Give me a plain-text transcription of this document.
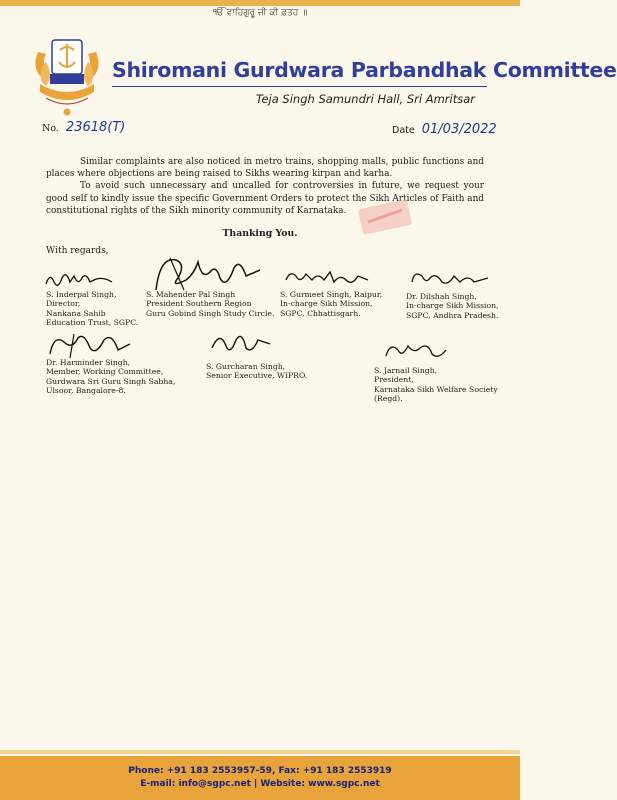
ੴ ਵਾਹਿਗੁਰੂ ਜੀ ਕੀ ਫ਼ਤਹ ॥
Shiromani Gurdwara Parbandhak Committee
Teja Singh Samundri Hall, Sri Amritsar
No. 23618(T)	Date 01/03/2022

Similar complaints are also noticed in metro trains, shopping malls, public functions and places where objections are being raised to Sikhs wearing kirpan and karha.

To avoid such unnecessary and uncalled for controversies in future, we request your good self to kindly issue the specific Government Orders to protect the Sikh Articles of Faith and constitutional rights of the Sikh minority community of Karnataka.

Thanking You.
With regards,
S. Inderpal Singh,
Director,
Nankana Sahib
Education Trust, SGPC.
S. Mahender Pal Singh
President Southern Region
Guru Gobind Singh Study Circle.
S. Gurmeet Singh, Raipur,
In-charge Sikh Mission,
SGPC, Chhattisgarh.
Dr. Dilshah Singh,
In-charge Sikh Mission,
SGPC, Andhra Pradesh.
Dr. Harminder Singh,
Member, Working Committee,
Gurdwara Sri Guru Singh Sabha,
Ulsoor, Bangalore-8.
S. Gurcharan Singh,
Senior Executive, WIPRO.
S. Jarnail Singh,
President,
Karnataka Sikh Welfare Society
(Regd).
Phone: +91 183 2553957-59, Fax: +91 183 2553919
E-mail: info@sgpc.net | Website: www.sgpc.net
